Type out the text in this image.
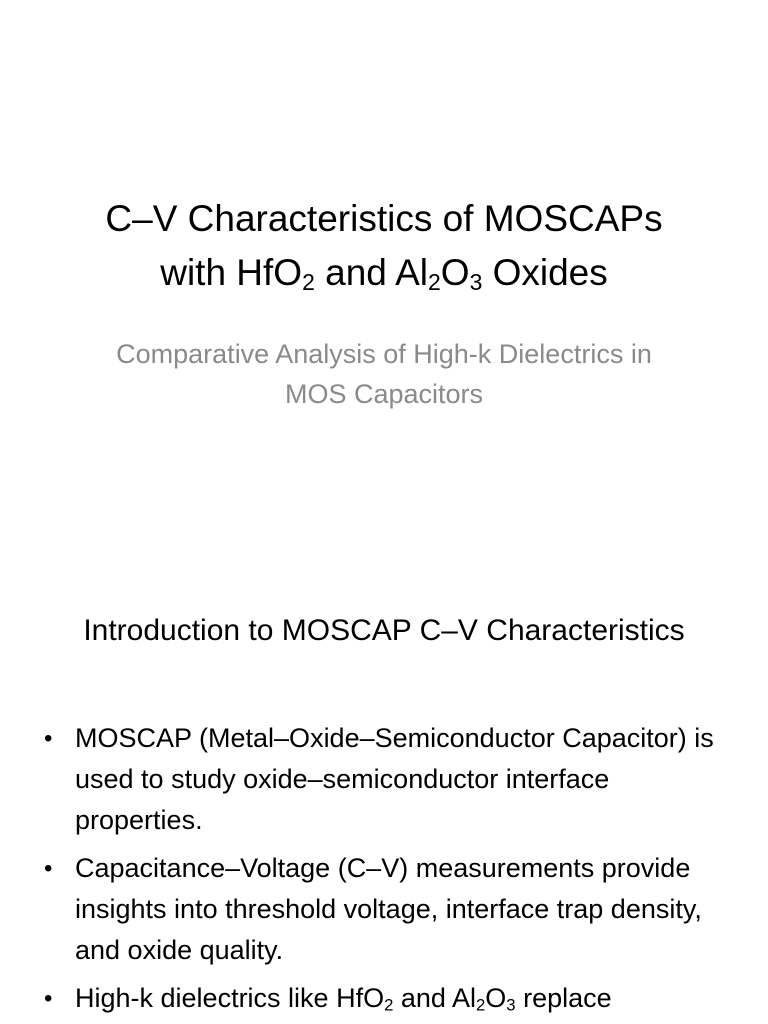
C–V Characteristics of MOSCAPs
with HfO$_2$ and $Al_2O_3$ Oxides

Comparative Analysis of High-k Dielectrics in MOS Capacitors

Introduction to MOSCAP C–V Characteristics
• MOSCAP (Metal–Oxide–Semiconductor Capacitor) is used to study oxide–semiconductor interface properties.
• Capacitance–Voltage (C–V) measurements provide insights into threshold voltage, interface trap density, and oxide quality.
• High-k dielectrics like HfO$_2$ and $Al_2O_3$ replace
